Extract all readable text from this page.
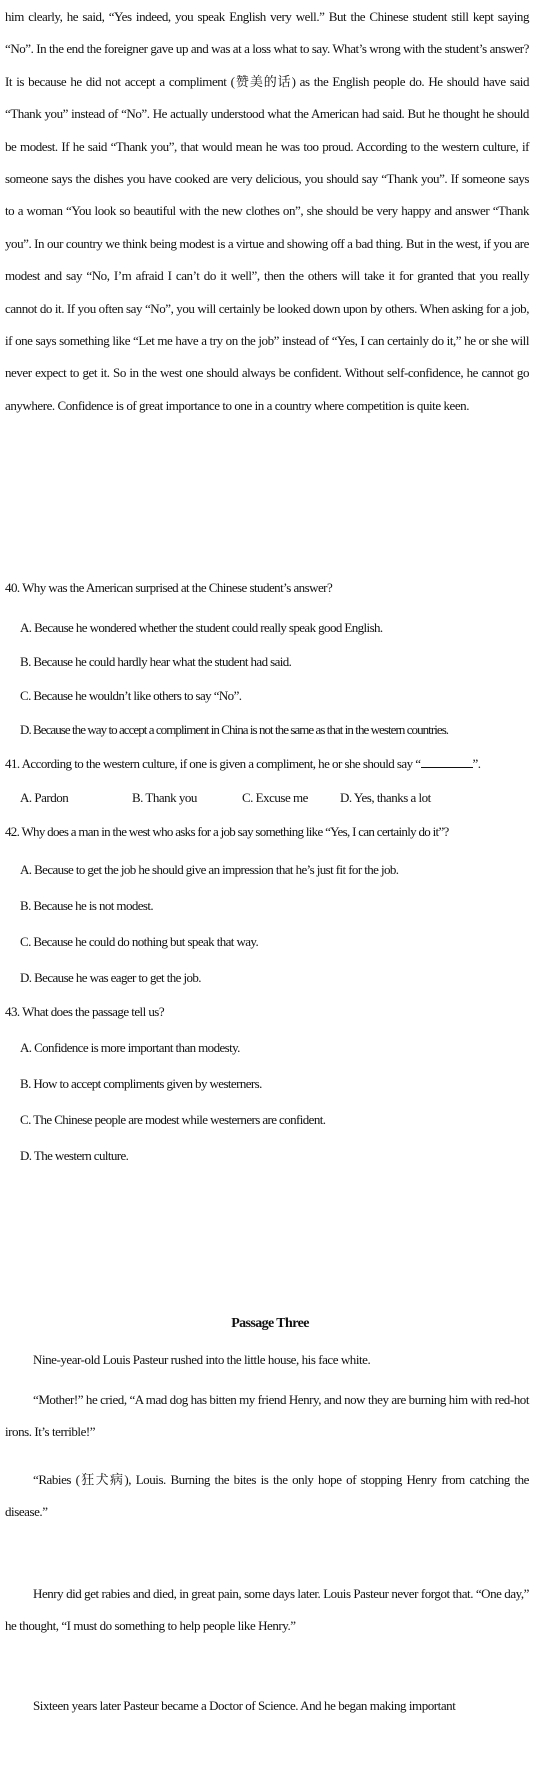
him clearly, he said, “Yes indeed, you speak English very well.” But the Chinese student still kept saying “No”. In the end the foreigner gave up and was at a loss what to say. What’s wrong with the student’s answer? It is because he did not accept a compliment (赞美的话) as the English people do. He should have said “Thank you” instead of “No”. He actually understood what the American had said. But he thought he should be modest. If he said “Thank you”, that would mean he was too proud. According to the western culture, if someone says the dishes you have cooked are very delicious, you should say “Thank you”. If someone says to a woman “You look so beautiful with the new clothes on”, she should be very happy and answer “Thank you”. In our country we think being modest is a virtue and showing off a bad thing. But in the west, if you are modest and say “No, I’m afraid I can’t do it well”, then the others will take it for granted that you really cannot do it. If you often say “No”, you will certainly be looked down upon by others. When asking for a job, if one says something like “Let me have a try on the job” instead of “Yes, I can certainly do it,” he or she will never expect to get it. So in the west one should always be confident. Without self-confidence, he cannot go anywhere. Confidence is of great importance to one in a country where competition is quite keen.

40. Why was the American surprised at the Chinese student’s answer?
A. Because he wondered whether the student could really speak good English.
B. Because he could hardly hear what the student had said.
C. Because he wouldn’t like others to say “No”.
D. Because the way to accept a compliment in China is not the same as that in the western countries.
41. According to the western culture, if one is given a compliment, he or she should say “	”.
A. Pardon	B. Thank you	C. Excuse me D. Yes, thanks a lot
42. Why does a man in the west who asks for a job say something like “Yes, I can certainly do it”?
A. Because to get the job he should give an impression that he’s just fit for the job.
B. Because he is not modest.
C. Because he could do nothing but speak that way.
D. Because he was eager to get the job.
43. What does the passage tell us?
A. Confidence is more important than modesty.
B. How to accept compliments given by westerners.
C. The Chinese people are modest while westerners are confident.
D. The western culture.
Passage Three

Nine-year-old Louis Pasteur rushed into the little house, his face white.

“Mother!” he cried, “A mad dog has bitten my friend Henry, and now they are burning him with red-hot irons. It’s terrible!”

“Rabies (狂犬病), Louis. Burning the bites is the only hope of stopping Henry from catching the disease.”

Henry did get rabies and died, in great pain, some days later. Louis Pasteur never forgot that. “One day,” he thought, “I must do something to help people like Henry.”

Sixteen years later Pasteur became a Doctor of Science. And he began making important
